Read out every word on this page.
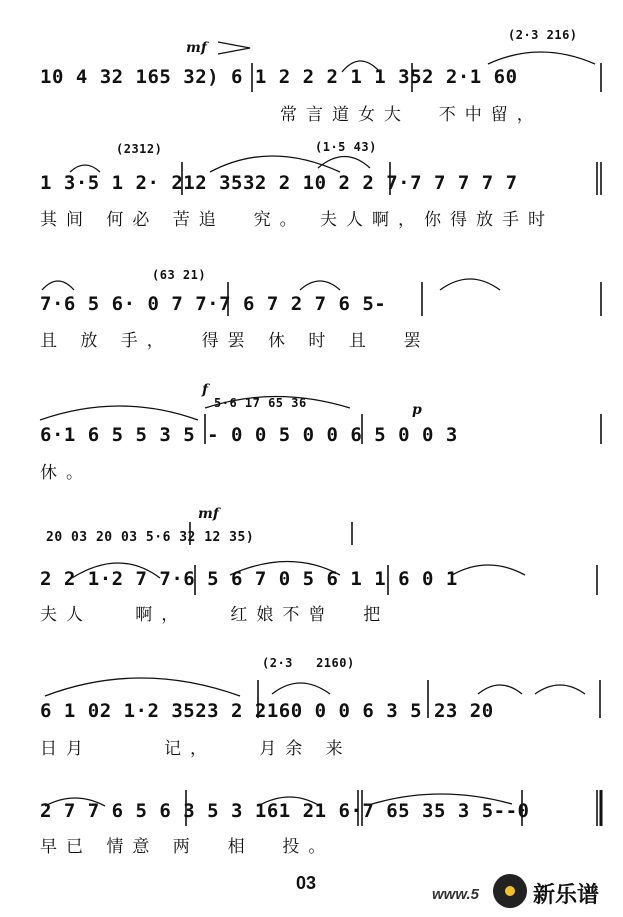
(2·3 216)
mf
10 4 32 165 32) 6 1 2 2 2 1 1 352 2·1 60
常言道女大  不中留，
(2312)	(1·5 43)
1 3·5 1 2· 212 3532 2 10 2 2 7·7 7 7 7 7
其间 何必 苦追  究。 夫人啊，你得放手时
(63 21)
7·6 5 6· 0 7 7·7 6 7 2 7 6 5-
且 放 手，  得罢 休 时 且  罢
f
5·6 17 65 36	p
6·1 6 5 5 3 5 - 0 0 5 0 0 6 5 0 0 3
休。
mf
20 03 20 03 5·6 32 12 35)
2 2 1·2 7 7·6 5 6 7 0 5 6 1 1 6 0 1
夫人   啊，   红娘不曾  把
(2·3   2160)
6 1 02 1·2 3523 2 2160 0 0 6 3 5 23 20
日月     记，   月余 来
2 7 7 6 5 6 3 5 3 161 21 6·7 65 35 3 5--0
早已 情意 两  相  投。
03
www.5 新乐谱
